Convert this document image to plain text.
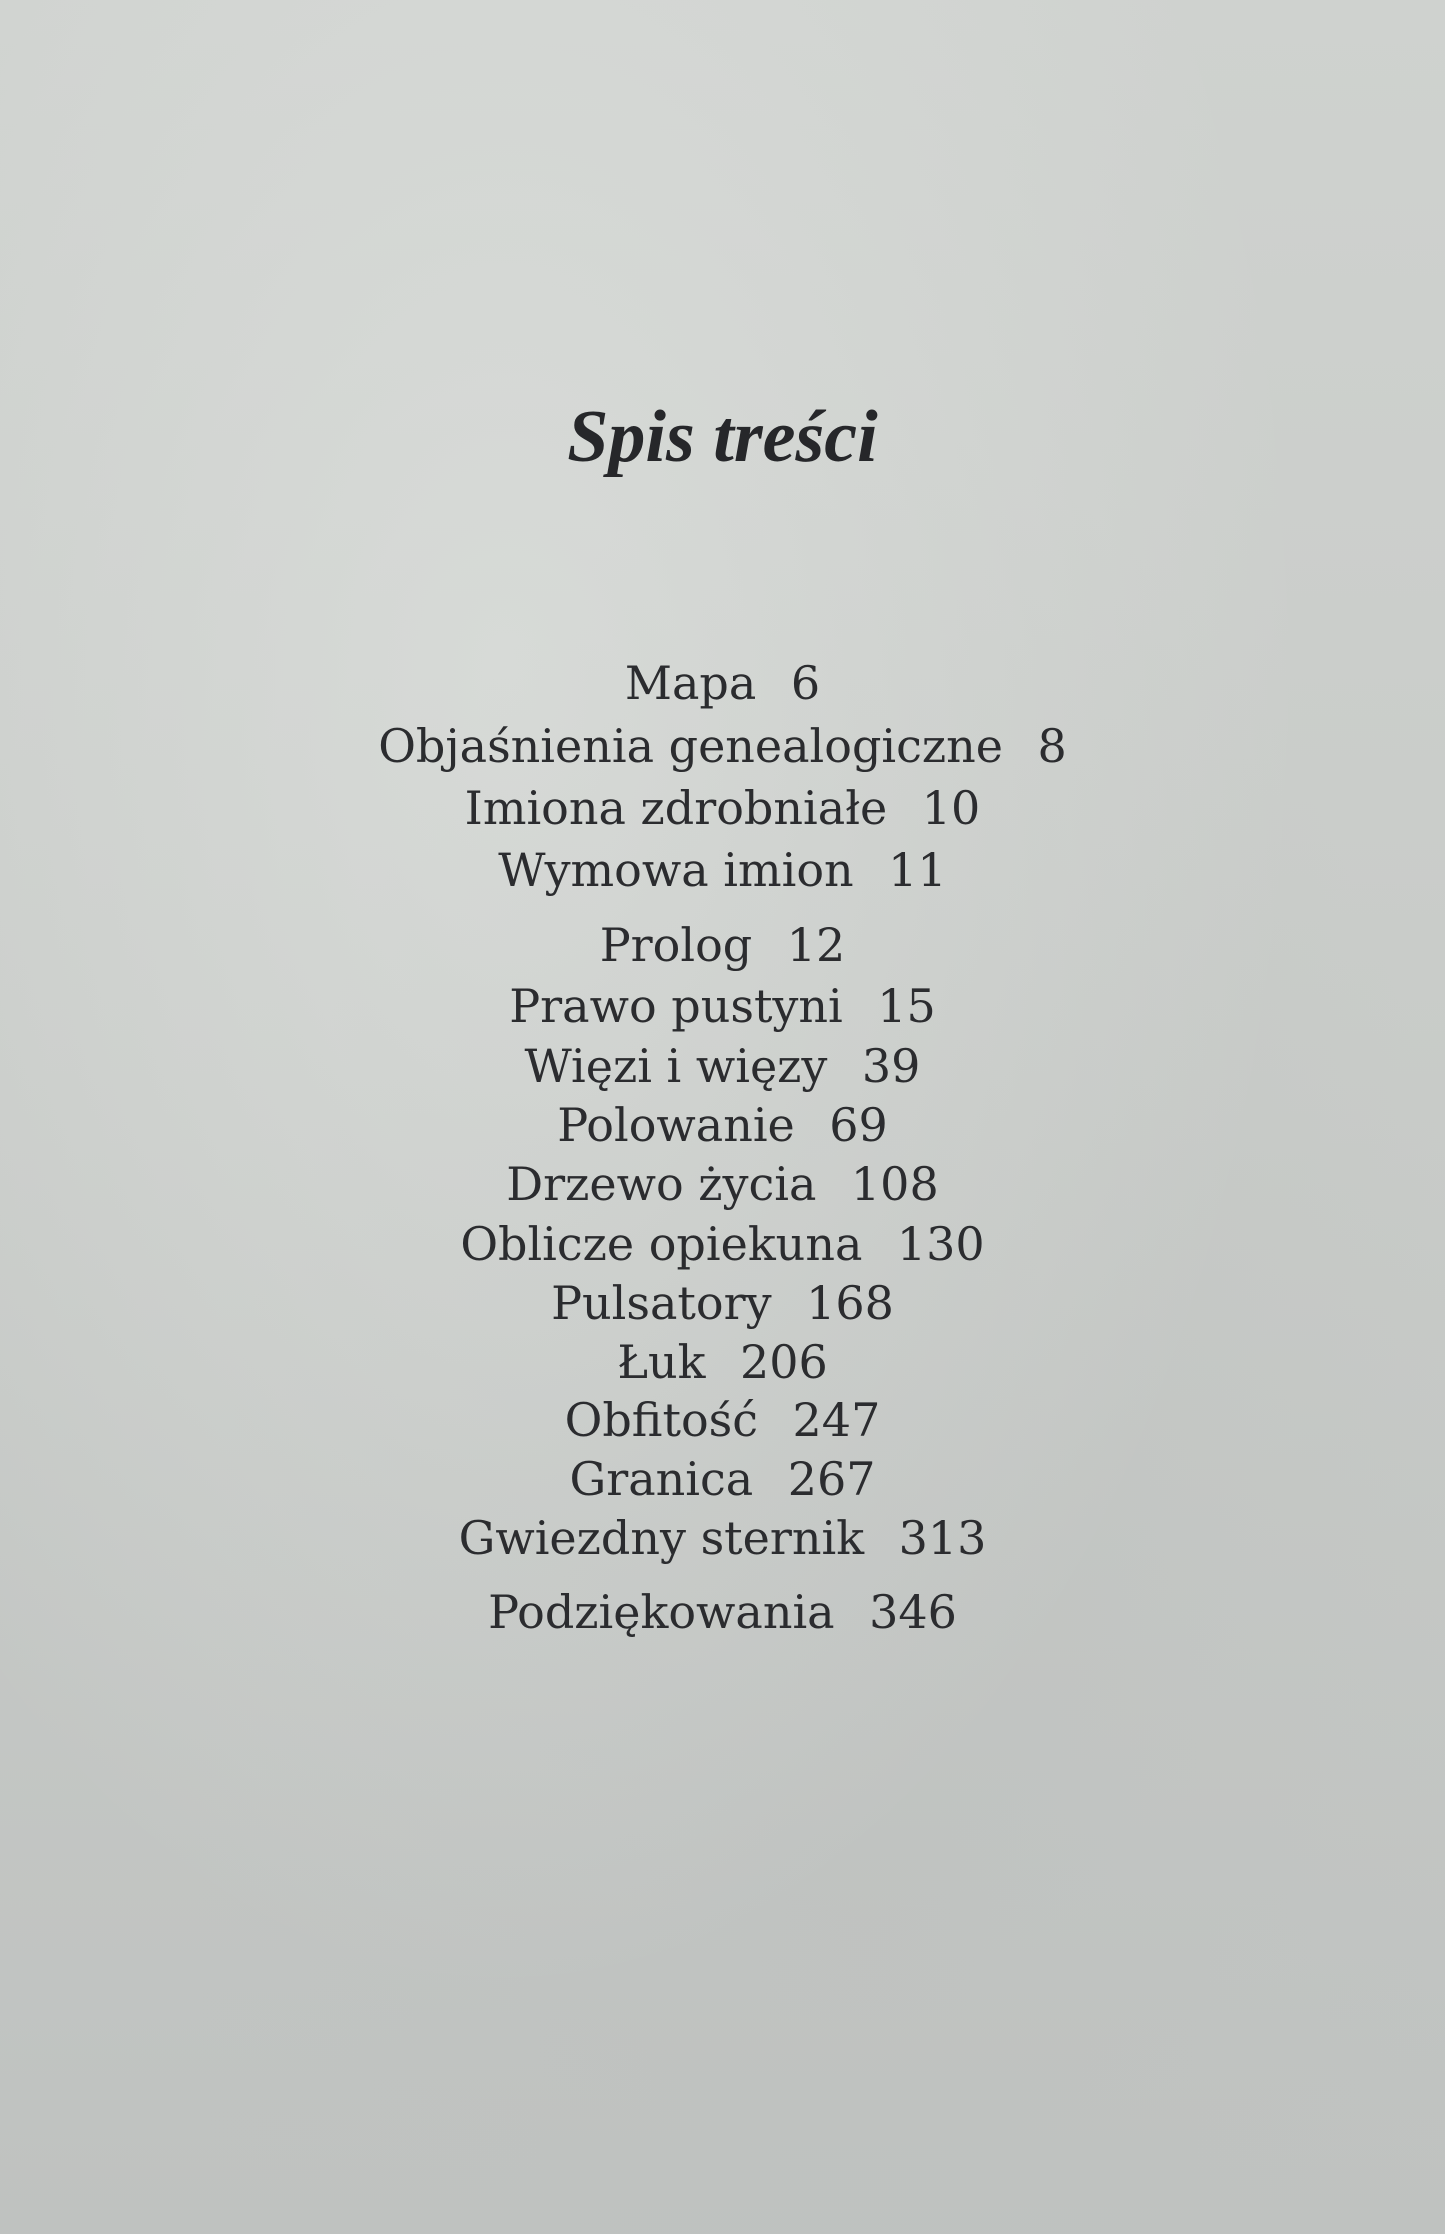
Spis treści
Mapa 6
Objaśnienia genealogiczne 8
Imiona zdrobniałe 10
Wymowa imion 11
Prolog 12
Prawo pustyni 15
Więzi i więzy 39
Polowanie 69
Drzewo życia 108
Oblicze opiekuna 130
Pulsatory 168
Łuk 206
Obfitość 247
Granica 267
Gwiezdny sternik 313
Podziękowania 346
